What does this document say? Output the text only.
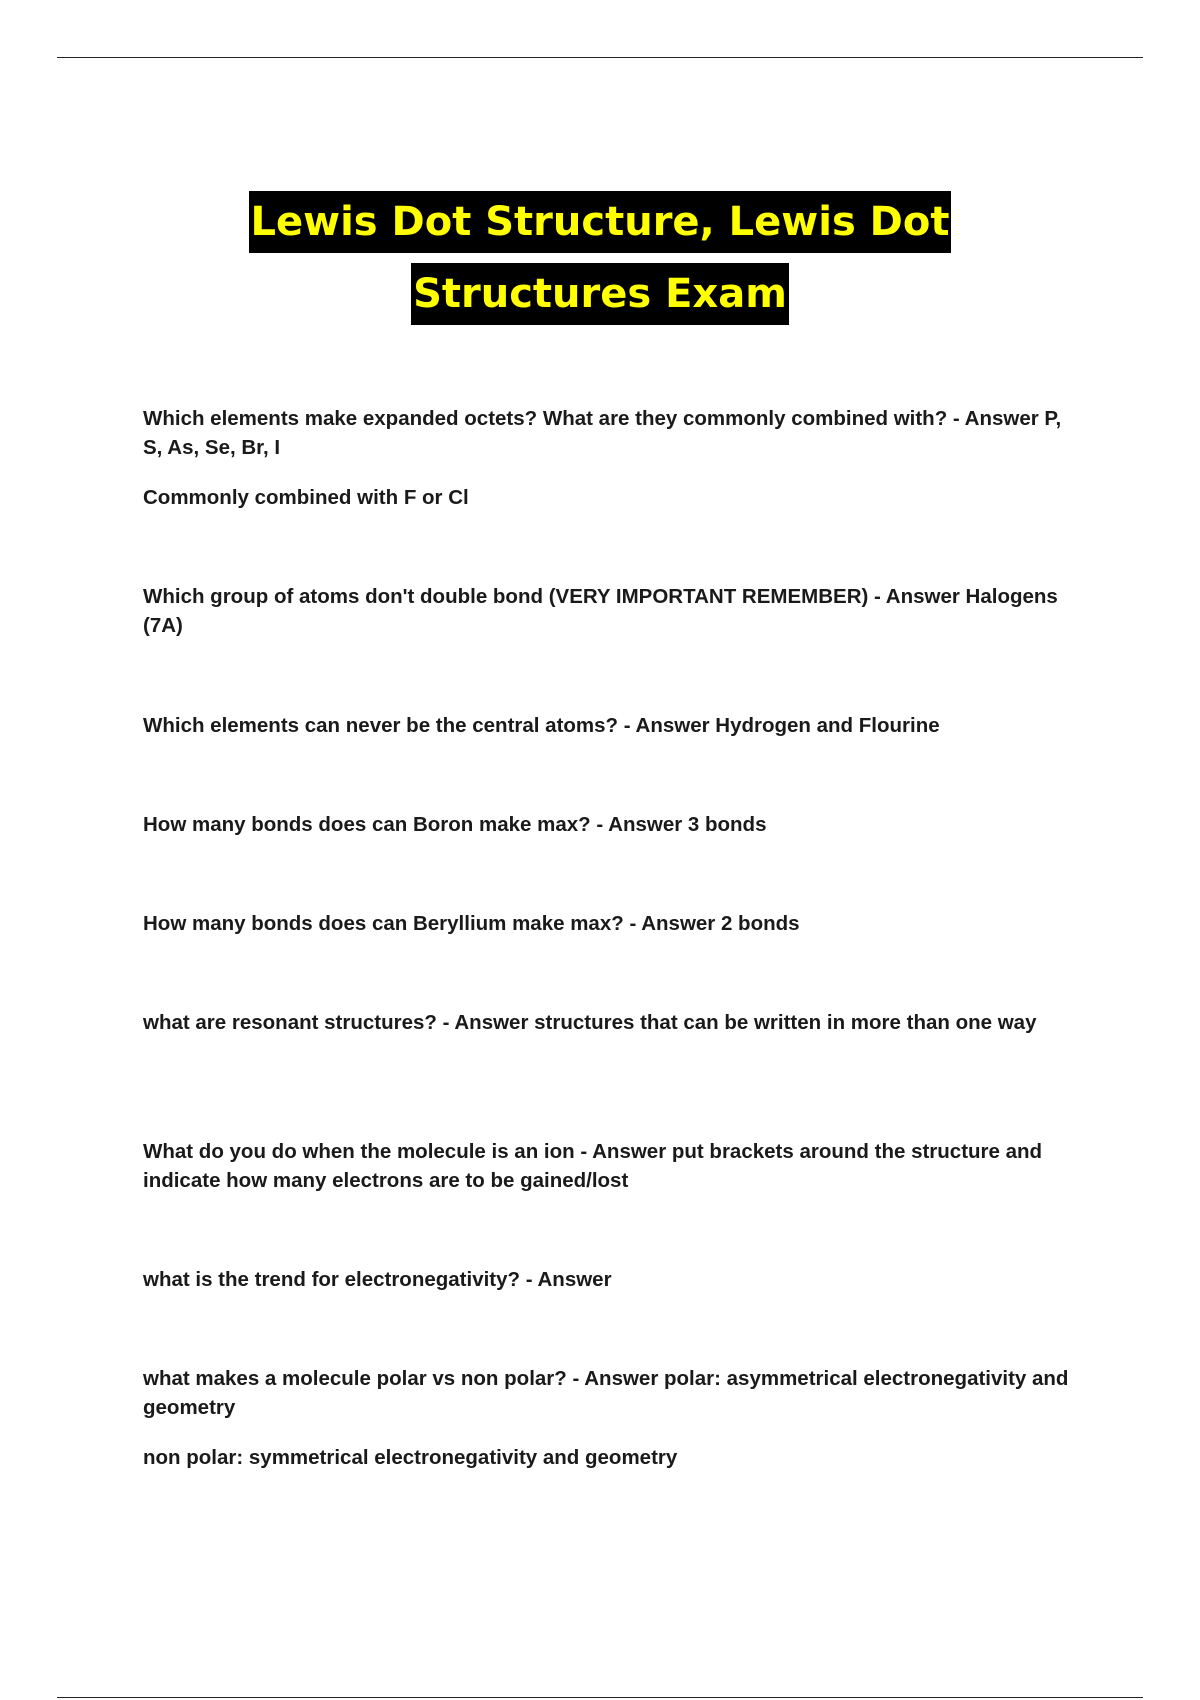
Lewis Dot Structure, Lewis Dot
Structures Exam

Which elements make expanded octets? What are they commonly combined with? - Answer P, S, As, Se, Br, I

Commonly combined with F or Cl

Which group of atoms don't double bond (VERY IMPORTANT REMEMBER) - Answer Halogens (7A)

Which elements can never be the central atoms? - Answer Hydrogen and Flourine

How many bonds does can Boron make max? - Answer 3 bonds

How many bonds does can Beryllium make max? - Answer 2 bonds

what are resonant structures? - Answer structures that can be written in more than one way

What do you do when the molecule is an ion - Answer put brackets around the structure and indicate how many electrons are to be gained/lost

what is the trend for electronegativity? - Answer

what makes a molecule polar vs non polar? - Answer polar: asymmetrical electronegativity and geometry

non polar: symmetrical electronegativity and geometry
